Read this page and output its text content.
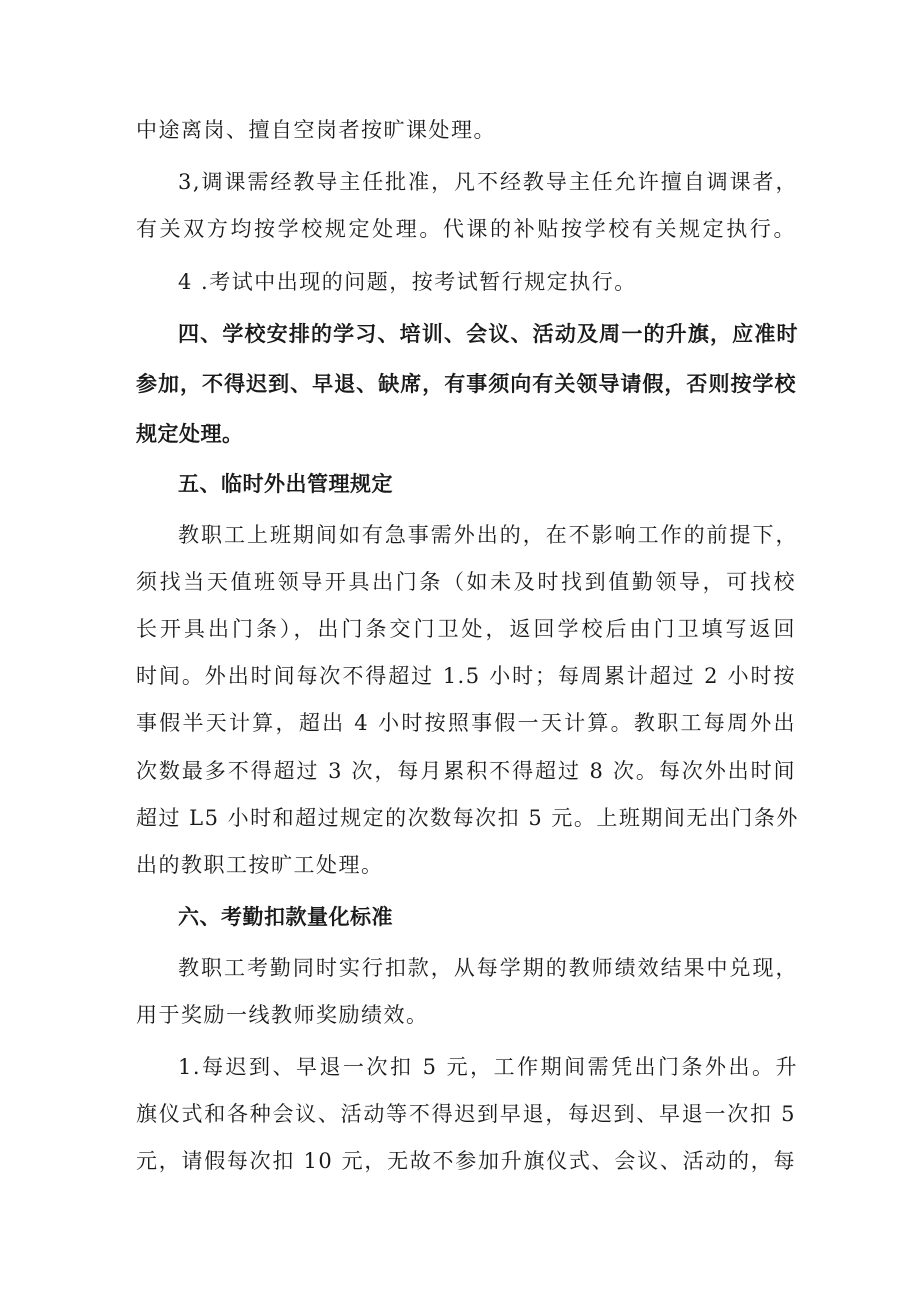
中途离岗、擅自空岗者按旷课处理。
3,调课需经教导主任批准，凡不经教导主任允许擅自调课者，
有关双方均按学校规定处理。代课的补贴按学校有关规定执行。
4 .考试中出现的问题，按考试暂行规定执行。
四、学校安排的学习、培训、会议、活动及周一的升旗，应准时
参加，不得迟到、早退、缺席，有事须向有关领导请假，否则按学校
规定处理。
五、临时外出管理规定
教职工上班期间如有急事需外出的，在不影响工作的前提下，
须找当天值班领导开具出门条（如未及时找到值勤领导，可找校
长开具出门条），出门条交门卫处，返回学校后由门卫填写返回
时间。外出时间每次不得超过 1.5 小时；每周累计超过 2 小时按
事假半天计算，超出 4 小时按照事假一天计算。教职工每周外出
次数最多不得超过 3 次，每月累积不得超过 8 次。每次外出时间
超过 L5 小时和超过规定的次数每次扣 5 元。上班期间无出门条外
出的教职工按旷工处理。
六、考勤扣款量化标准
教职工考勤同时实行扣款，从每学期的教师绩效结果中兑现，
用于奖励一线教师奖励绩效。
1.每迟到、早退一次扣 5 元，工作期间需凭出门条外出。升
旗仪式和各种会议、活动等不得迟到早退，每迟到、早退一次扣 5
元，请假每次扣 10 元，无故不参加升旗仪式、会议、活动的，每
